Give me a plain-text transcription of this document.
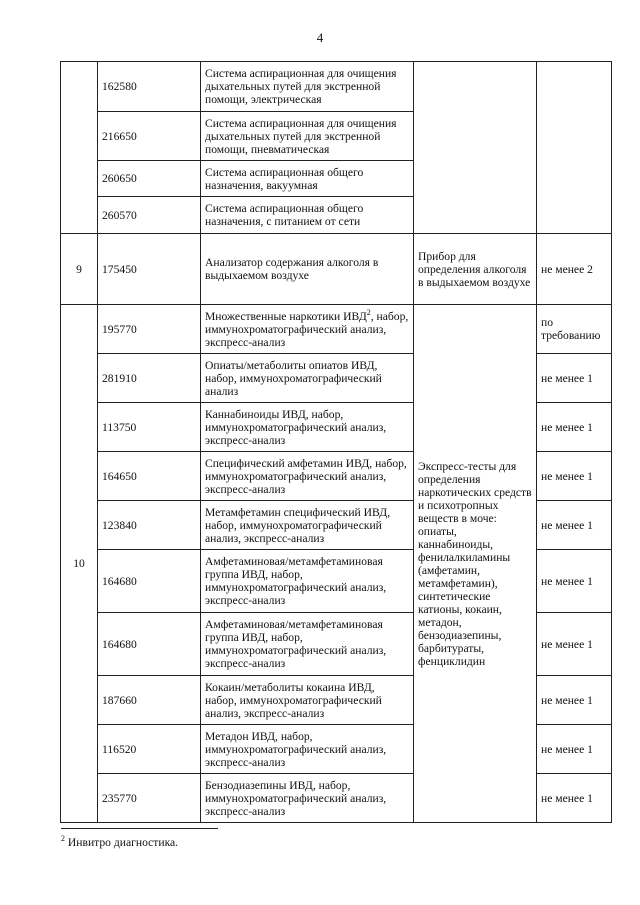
4
	162580	Система аспирационная для очищения дыхательных путей для экстренной помощи, электрическая		
	216650	Система аспирационная для очищения дыхательных путей для экстренной помощи, пневматическая		
	260650	Система аспирационная общего назначения, вакуумная		
	260570	Система аспирационная общего назначения, с питанием от сети		
9	175450	Анализатор содержания алкоголя в выдыхаемом воздухе	Прибор для определения алкоголя в выдыхаемом воздухе	не менее 2
10	195770	Множественные наркотики ИВД$^2$, набор, иммунохроматографический анализ, экспресс-анализ	Экспресс-тесты для определения наркотических средств и психотропных веществ в моче: опиаты, каннабиноиды, фенилалкиламины (амфетамин, метамфетамин), синтетические катионы, кокаин, метадон, бензодиазепины, барбитураты, фенциклидин	по требованию
	281910	Опиаты/метаболиты опиатов ИВД, набор, иммунохроматографический анализ		не менее 1
	113750	Каннабиноиды ИВД, набор, иммунохроматографический анализ, экспресс-анализ		не менее 1
	164650	Специфический амфетамин ИВД, набор, иммунохроматографический анализ, экспресс-анализ		не менее 1
	123840	Метамфетамин специфический ИВД, набор, иммунохроматографический анализ, экспресс-анализ		не менее 1
	164680	Амфетаминовая/метамфетаминовая группа ИВД, набор, иммунохроматографический анализ, экспресс-анализ		не менее 1
	164680	Амфетаминовая/метамфетаминовая группа ИВД, набор, иммунохроматографический анализ, экспресс-анализ		не менее 1
	187660	Кокаин/метаболиты кокаина ИВД, набор, иммунохроматографический анализ, экспресс-анализ		не менее 1
	116520	Метадон ИВД, набор, иммунохроматографический анализ, экспресс-анализ		не менее 1
	235770	Бензодиазепины ИВД, набор, иммунохроматографический анализ, экспресс-анализ		не менее 1
$^2$ Инвитро диагностика.
